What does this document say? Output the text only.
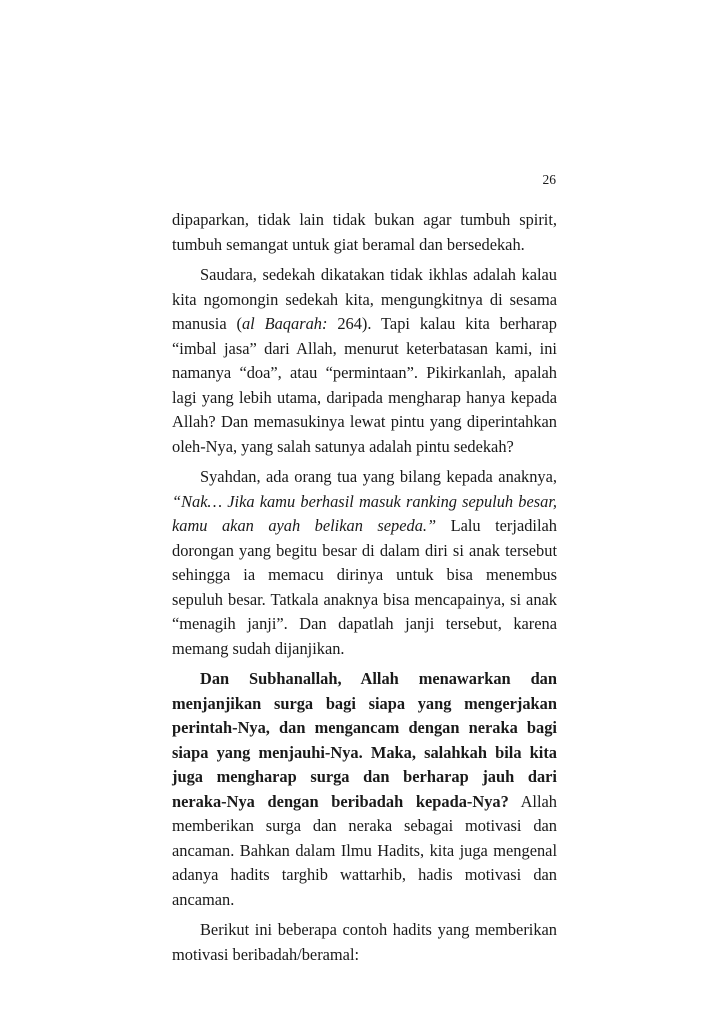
26

dipaparkan, tidak lain tidak bukan agar tumbuh spirit, tumbuh semangat untuk giat beramal dan bersedekah.

Saudara, sedekah dikatakan tidak ikhlas adalah kalau kita ngomongin sedekah kita, mengungkitnya di sesama manusia (al Baqarah: 264). Tapi kalau kita berharap “imbal jasa” dari Allah, menurut keterbatasan kami, ini namanya “doa”, atau “permintaan”. Pikirkanlah, apalah lagi yang lebih utama, daripada mengharap hanya kepada Allah? Dan memasukinya lewat pintu yang diperintahkan oleh-Nya, yang salah satunya adalah pintu sedekah?

Syahdan, ada orang tua yang bilang kepada anaknya, “Nak… Jika kamu berhasil masuk ranking sepuluh besar, kamu akan ayah belikan sepeda.” Lalu terjadilah dorongan yang begitu besar di dalam diri si anak tersebut sehingga ia memacu dirinya untuk bisa menembus sepuluh besar. Tatkala anaknya bisa mencapainya, si anak “menagih janji”. Dan dapatlah janji tersebut, karena memang sudah dijanjikan.

Dan Subhanallah, Allah menawarkan dan menjanjikan surga bagi siapa yang mengerjakan perintah-Nya, dan mengancam dengan neraka bagi siapa yang menjauhi-Nya. Maka, salahkah bila kita juga mengharap surga dan berharap jauh dari neraka-Nya dengan beribadah kepada-Nya? Allah memberikan surga dan neraka sebagai motivasi dan ancaman. Bahkan dalam Ilmu Hadits, kita juga mengenal adanya hadits targhib wattarhib, hadis motivasi dan ancaman.

Berikut ini beberapa contoh hadits yang memberikan motivasi beribadah/beramal:
